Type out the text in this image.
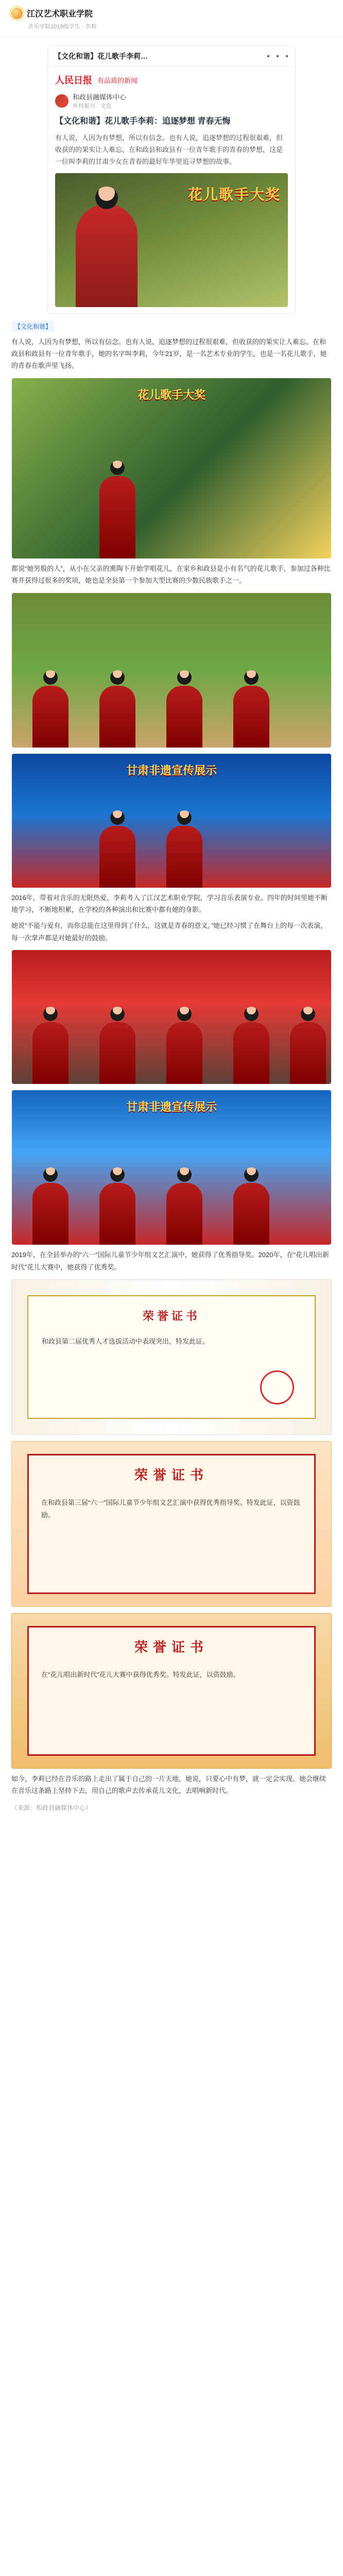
江汉艺术职业学院
音乐学院2019级学生 · 李莉
【文化和谐】花儿歌手李莉…
人民日报 有品质的新闻
和政县融媒体中心
乡村振兴 · 文化
【文化和谐】花儿歌手李莉：追逐梦想 青春无悔
有人说，人因为有梦想，所以有信念。也有人说，追逐梦想的过程很艰难，但收获的的果实让人难忘，在和政县和政县有一位青年歌手的青春的梦想，这是一位叫李莉的甘肃少女在青春的最好年华里追寻梦想的故事。
花儿歌手大奖
【文化和谐】

有人说，人因为有梦想，所以有信念。也有人说，追逐梦想的过程很艰难，但收获的的果实让人难忘。在和政县和政县有一位青年歌手，她的名字叫李莉，今年21岁，是一名艺术专业的学生，也是一名花儿歌手，她的青春在歌声里飞扬。

花儿歌手大奖

都说“她男般的人”，从小在父亲的熏陶下开始学唱花儿，在家乡和政县是小有名气的花儿歌手，参加过各种比赛并获得过很多的奖项，她也是全县第一个参加大型比赛的少数民族歌手之一。

甘肃非遗宣传展示

2016年，带着对音乐的无限热爱，李莉考入了江汉艺术职业学院，学习音乐表演专业。四年的时间里她不断地学习，不断地积累，在学校的各种演出和比赛中都有她的身影。

她说“不能与爱有，而你总能在这里得到了什么，这就是青春的意义。”她已经习惯了在舞台上的每一次表演，每一次掌声都是对她最好的鼓励。

甘肃非遗宣传展示

2019年，在全县举办的“六一”国际儿童节少年组文艺汇演中，她获得了优秀指导奖。2020年，在“花儿唱出新时代”花儿大赛中，她获得了优秀奖。

荣誉证书
和政县第二届优秀人才选拔活动中表现突出，特发此证。
荣誉证书
在和政县第三届“六一”国际儿童节少年组文艺汇演中获得优秀指导奖。特发此证，以资鼓励。
荣誉证书
在“花儿唱出新时代”花儿大赛中获得优秀奖。特发此证，以资鼓励。

如今，李莉已经在音乐的路上走出了属于自己的一片天地，她说，只要心中有梦，就一定会实现。她会继续在音乐这条路上坚持下去，用自己的歌声去传承花儿文化，去唱响新时代。

（来源：和政县融媒体中心）
